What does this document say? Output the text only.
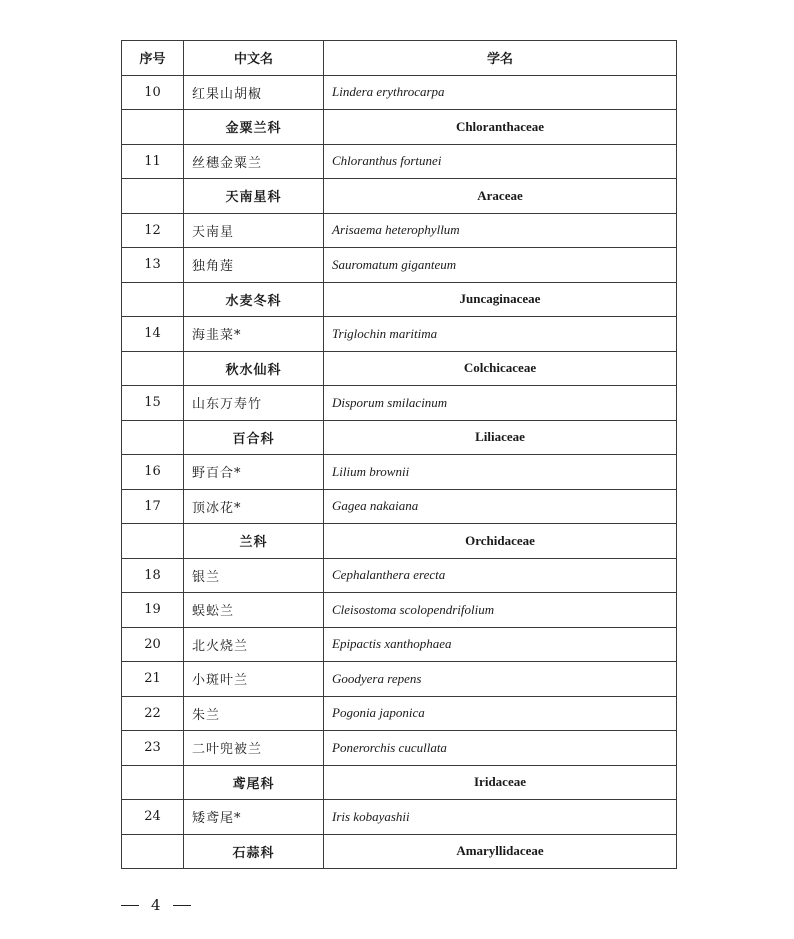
序号	中文名	学名
10	红果山胡椒	Lindera erythrocarpa
	金粟兰科	Chloranthaceae
11	丝穗金粟兰	Chloranthus fortunei
	天南星科	Araceae
12	天南星	Arisaema heterophyllum
13	独角莲	Sauromatum giganteum
	水麦冬科	Juncaginaceae
14	海韭菜*	Triglochin maritima
	秋水仙科	Colchicaceae
15	山东万寿竹	Disporum smilacinum
	百合科	Liliaceae
16	野百合*	Lilium brownii
17	顶冰花*	Gagea nakaiana
	兰科	Orchidaceae
18	银兰	Cephalanthera erecta
19	蜈蚣兰	Cleisostoma scolopendrifolium
20	北火烧兰	Epipactis xanthophaea
21	小斑叶兰	Goodyera repens
22	朱兰	Pogonia japonica
23	二叶兜被兰	Ponerorchis cucullata
	鸢尾科	Iridaceae
24	矮鸢尾*	Iris kobayashii
	石蒜科	Amaryllidaceae
4
